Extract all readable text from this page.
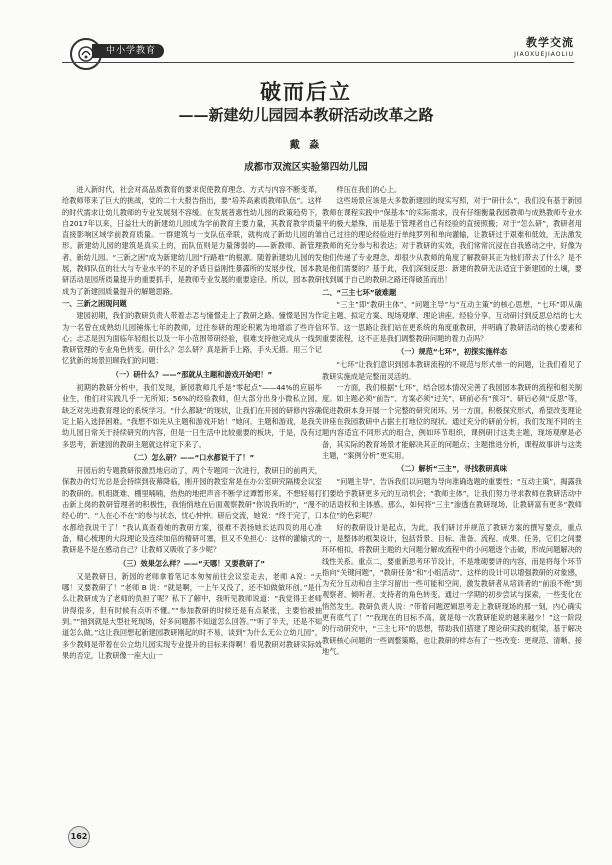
中小学教育
教学交流
JIAOXUEJIAOLIU
破而后立
——新建幼儿园园本教研活动改革之路
戴 淼
成都市双流区实验第四幼儿园

进入新时代，社会对高品质教育的要求促使教育理念、方式与内容不断变革，给教师带来了巨大的挑战，党的二十大报告指出，要“培养高素质教师队伍”。这样的时代需求让幼儿教师的专业发展刻不容缓。在发展普惠性幼儿园的政策趋势下，自2017年以来，日益壮大的新建幼儿园成为学前教育主要力量，其教育教学质量直接影响区域学前教育质量。一群建筑与一支队伍牵联，就构成了新幼儿园的雏形。新建幼儿园的建筑是真实上的，而队伍则是力量薄弱的——新教师、新管理者、新幼儿园。“三新之困”成为新建幼儿园“行路难”的根源。随着新建幼儿园的发展，教师队伍的壮大与专业水平的不足的矛盾日益刚性暴露所的发展步伐，园本教研活动是园所质量提升的重要抓手，是教师专业发展的重要途径。所以，园本教研成为了新建园质量提升的解题思路。

一、三新之困现问题

建园初期，我们的教研负责人带着忐忑与憧憬走上了教研之路。憧憬是因为作为一名曾在成熟幼儿园锤炼七年的教师，过往参研的理论积累为地增添了些许信心；忐忑是因为面临年轻组长以及一年小范围带研经验，很难支持他完成从一线到教研管理的专业角色转变。研什么？怎么研？真是新手上路，手头无措。用三个记忆犹新的场景回顾我们的问题：

（一）研什么？——“那就从主题和游戏开始吧！”

初期的教研分析中，我们发现，新园教师几乎是“零起点”——44%的应届毕业生，他们对实践几乎一无所知；56%的经验教师，但大部分出身小微私立园，缺乏对先进教育理论的系统学习。“什么都缺”的现状，让我们在开园的研修内容确定上陷入选择困难。“我想不如先从主题和游戏开始！”她问。主题和游戏，是我关幼儿园日常关于持续研究的内容，但是一日生活中比较重要的板块，于是，没有过多思考，新建园的教研主题就这样定下来了。

（二）怎么研？——“口水都说干了！”

开园后的专题教研很激烈地启动了，两个专题同一次进行，教研日的前两天，保教办的灯光总是会持续到夜幕降临，刚开园的教室常是在办公室研究隔楼会议室的教研的。机组既难、棚里喃喃，热热的地把声音不断学过谭暂形来。不想轻易打击新上岗的教研管理者的积极性，我悄悄地在后面观察教研“你说我听的”，“漫不经心的”、“人在心不在”的参与状态，忧心忡忡。研后交流，她说：“终于完了，口水都给我说干了！”我认真查看她的教研方案，很难不表扬她长达四页的用心准备，精心梳理的大段理论及连续加倍的精研可塞，但又不免担心：这样的灌输式的教研是不是在感动自己？让教师又吸收了多少呢？

（三）效果怎么样？——“天哪！又要教研了”

又是教研日，新园的老师拿着笔记本匆匆前往会议室走去，老师 A说：“天哪！又要教研了！”老师 B 说：“就是啊，一上午又没了，还不如做做环创。”是什么让教研成为了老师的负担了呢？私下了解中，我听见教师说道：“我觉得王老师讲得很多，但有时候有点听不懂。”“参加教研的时候还是有点紧张，主要怕被抽到。”“抽到就是大型社死现场，好多问题都不知道怎么回答。”“听了半天，还是不知道怎么做。”这让我回想起新建园教研刚起的时不易，谈到“为什么无公立幼儿园”，多少教师是带着在公立幼儿园实现专业提升的目标来得啊！看见教研对教研实际效果的否定，让教研像一座大山一

样压在我们的心上。

这些场景应该是大多数新建园的现实写照，对于“研什么”，我们没有基于新园教师在课程实践中“保基本”的实际需求，没有仔细衡量我园教师与成熟教师专业水平的极大悬殊，而是基于管理者自己有经验的直接照搬；对于“怎么研”，教研者用自己过往的理论经验进行单纯罗列和单向灌输，让教研过于艰难和低效，无法激发教师的充分参与和表达；对于教研的实效，我们常常沉浸在自我感动之中，好像为他们传递了专业理念，却很少从教师的角度了解教研其正为他们带去了什么？是不是他们需要的？基于此，我们深刻反思：新建的教研无法适宜于新建园的土壤，要找到属于自己的教研之路还得破茧而出！

二、“三主七环”破难题

“三主”即“教研主体”、“问题主导”与“互动主策”的核心思想，“七环”即从确定主题、拟定方案、现场观摩、理论讲座、经验分享、互动研讨到反思总结的七大环节。这一思路让我们站在更系统的角度重教研，并明确了教研活动的核心要素和重要流程，这不正是我们调整教研问题的着力点吗？

（一）规范“七环”，初探实施样态

“七环”让我们意识到园本教研流程的不规范与形式单一的问题，让我们看见了教研实施成是完整而灵活的。

一方面，我们根据“七环”，结合园本情况完善了我园园本教研的流程和相关制度。如主题必须“前告”、方案必须“过关”、研前必有“预习”、研后必须“反思”等，促进教研本身开展一个完整的研究闭环。另一方面，积极探究形式，希望改变理论讲座在我园教研中占据主打地位的现状。通过充分的研前分析，我们发现不同的主题内容适宜不同形式的组合，例如环节组织，课例研讨这类主题，现场观摩是必备，其实际的教育场景才能解决其正的问题点；主题推进分析，课程故事讲与这类主题，“案例分析”更实用。

（二）解析“三主”，寻找教研真味

“问题主导”，告诉我们以问题为导向准确选题的重要性；“互动主策”，揭露我们要给予教研更多元的互动机会；“教师主体”，让我们努力寻求教师在教研活动中的话语权和主体感。那么，如何将“三主”渗透在教研现场，让教研富有更多“教师本位”的色彩呢？

好的教研设计是起点，为此，我们研讨并规范了教研方案的撰写要点，重点一，是整体的框架设计，包括背景、目标、准备、流程、成果、任务，它们之间要环环相扣，将教研主题的大问题分解成流程中的小问题逐个击破，形成问题解决的线性关系。重点二，要重新思考环节设计，不是堆砌要讲的内容，而是将每个环节指向“关键问题”，“教研任务”和“小组活动”。这样的设计可以增强教研的对象感，为充分互动和自主学习留出一些可能和空间，激发教研者从培训者的“前浪不绝”到观察者、倾听者、支持者的角色转变。通过一学期的初步尝试与探索，一些变化在悄然发生。教研负责人说：“带着问题逻辑思考走上教研现场的那一刻，内心确实更有底气了！”“我现在的目标不高，就是每一次教研能说的越来越少！”这一阶段的行动研究中，“三主七环”的思想，帮助我们搭建了理论研实践的框梁，基于解决教研核心问题的一些调整策略，也让教研的样态有了一些改变：更规范、清晰、接地气。

162
